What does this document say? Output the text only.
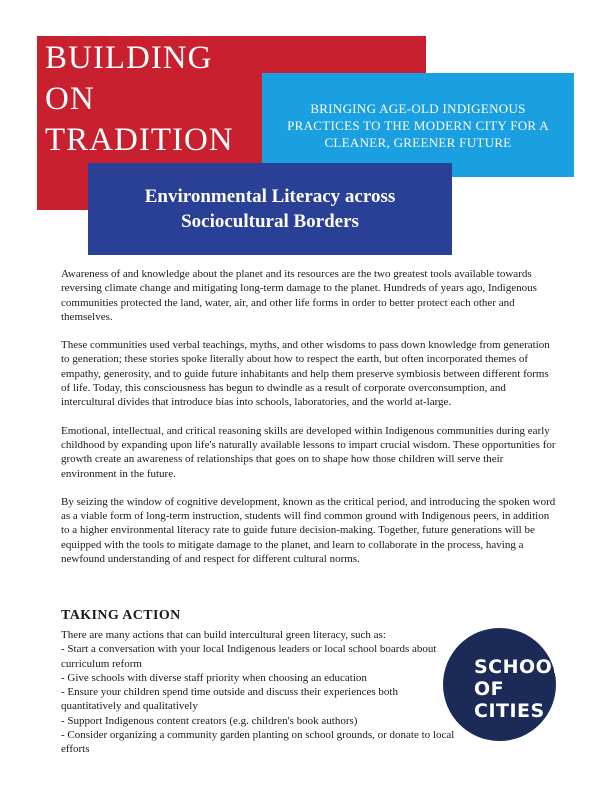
BUILDING
ON
TRADITION
BRINGING AGE-OLD INDIGENOUS PRACTICES TO THE MODERN CITY FOR A CLEANER, GREENER FUTURE
Environmental Literacy across Sociocultural Borders

Awareness of and knowledge about the planet and its resources are the two greatest tools available towards reversing climate change and mitigating long-term damage to the planet. Hundreds of years ago, Indigenous communities protected the land, water, air, and other life forms in order to better protect each other and themselves.

These communities used verbal teachings, myths, and other wisdoms to pass down knowledge from generation to generation; these stories spoke literally about how to respect the earth, but often incorporated themes of empathy, generosity, and to guide future inhabitants and help them preserve symbiosis between different forms of life. Today, this consciousness has begun to dwindle as a result of corporate overconsumption, and intercultural divides that introduce bias into schools, laboratories, and the world at-large.

Emotional, intellectual, and critical reasoning skills are developed within Indigenous communities during early childhood by expanding upon life's naturally available lessons to impart crucial wisdom. These opportunities for growth create an awareness of relationships that goes on to shape how those children will serve their environment in the future.

By seizing the window of cognitive development, known as the critical period, and introducing the spoken word as a viable form of long-term instruction, students will find common ground with Indigenous peers, in addition to a higher environmental literacy rate to guide future decision-making. Together, future generations will be equipped with the tools to mitigate damage to the planet, and learn to collaborate in the process, having a newfound understanding of and respect for different cultural norms.

TAKING ACTION

There are many actions that can build intercultural green literacy, such as:

- Start a conversation with your local Indigenous leaders or local school boards about curriculum reform
- Give schools with diverse staff priority when choosing an education
- Ensure your children spend time outside and discuss their experiences both quantitatively and qualitatively
- Support Indigenous content creators (e.g. children's book authors)
- Consider organizing a community garden planting on school grounds, or donate to local efforts

SCHOOL
OF
CITIES
